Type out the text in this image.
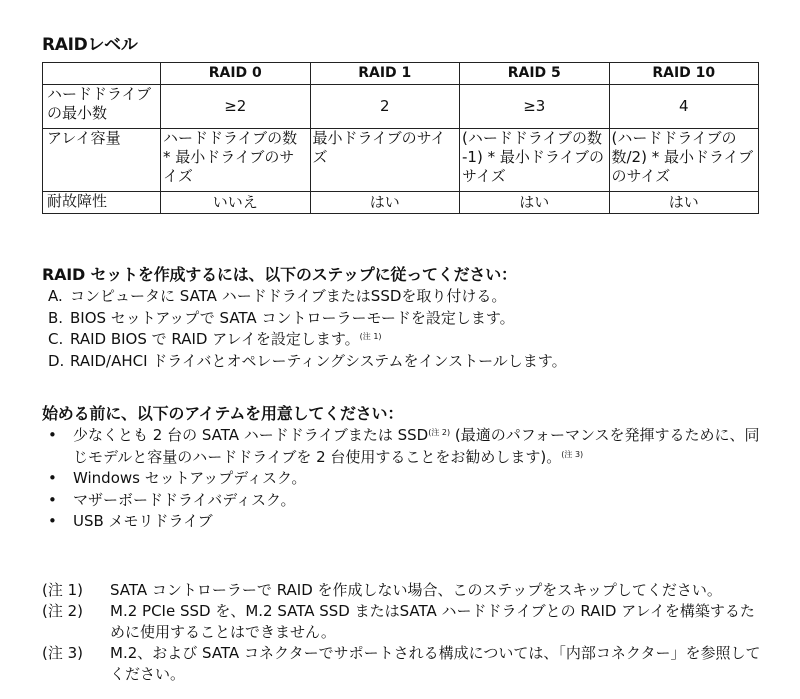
RAIDレベル
	RAID 0	RAID 1	RAID 5	RAID 10
ハードドライブの最小数	≥2	2	≥3	4
アレイ容量	ハードドライブの数 * 最小ドライブのサイズ	最小ドライブのサイズ	(ハードドライブの数 -1) * 最小ドライブのサイズ	(ハードドライブの数/2) * 最小ドライブのサイズ
耐故障性	いいえ	はい	はい	はい
RAID セットを作成するには、以下のステップに従ってください：
A. コンピュータに SATA ハードドライブまたはSSDを取り付ける。
B. BIOS セットアップで SATA コントローラーモードを設定します。
C. RAID BIOS で RAID アレイを設定します。$^{(注 1)}$
D. RAID/AHCI ドライバとオペレーティングシステムをインストールします。
始める前に、以下のアイテムを用意してください：
•	少なくとも 2 台の SATA ハードドライブまたは $SSD^{(注 2)}$ (最適のパフォーマンスを発揮するために、同じモデルと容量のハードドライブを 2 台使用することをお勧めします)。$^{(注 3)}$
•	Windows セットアップディスク。
•	マザーボードドライバディスク。
•	USB メモリドライブ
(注 1)	SATA コントローラーで RAID を作成しない場合、このステップをスキップしてください。
(注 2)	M.2 PCIe SSD を、M.2 SATA SSD またはSATA ハードドライブとの RAID アレイを構築するために使用することはできません。
(注 3)	M.2、および SATA コネクターでサポートされる構成については、「内部コネクター」を参照してください。
